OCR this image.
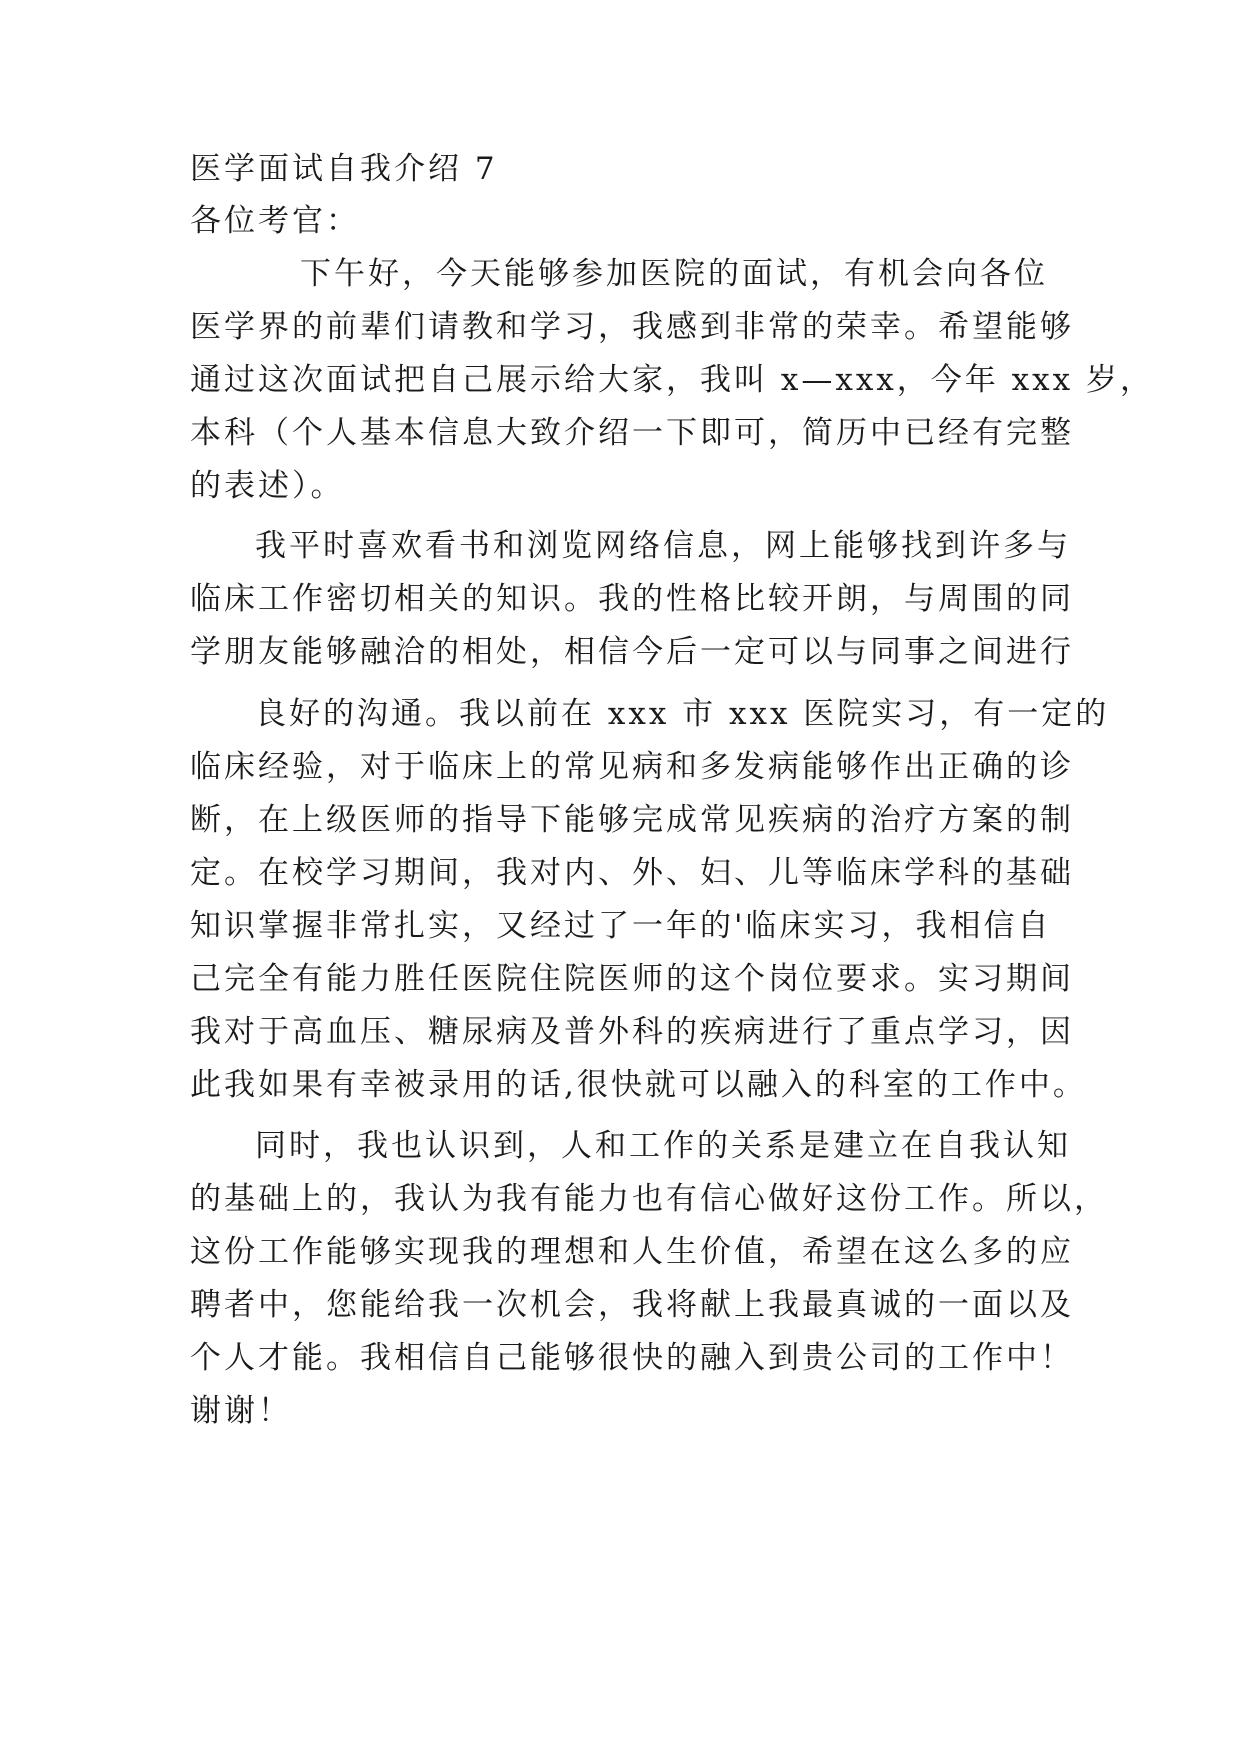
医学面试自我介绍 7
各位考官：
下午好，今天能够参加医院的面试，有机会向各位
医学界的前辈们请教和学习，我感到非常的荣幸。希望能够
通过这次面试把自己展示给大家，我叫 x—xxx，今年 xxx 岁，
本科（个人基本信息大致介绍一下即可，简历中已经有完整
的表述）。
我平时喜欢看书和浏览网络信息，网上能够找到许多与
临床工作密切相关的知识。我的性格比较开朗，与周围的同
学朋友能够融洽的相处，相信今后一定可以与同事之间进行
良好的沟通。我以前在 xxx 市 xxx 医院实习，有一定的
临床经验，对于临床上的常见病和多发病能够作出正确的诊
断，在上级医师的指导下能够完成常见疾病的治疗方案的制
定。在校学习期间，我对内、外、妇、儿等临床学科的基础
知识掌握非常扎实，又经过了一年的'临床实习，我相信自
己完全有能力胜任医院住院医师的这个岗位要求。实习期间
我对于高血压、糖尿病及普外科的疾病进行了重点学习，因
此我如果有幸被录用的话,很快就可以融入的科室的工作中。
同时，我也认识到，人和工作的关系是建立在自我认知
的基础上的，我认为我有能力也有信心做好这份工作。所以，
这份工作能够实现我的理想和人生价值，希望在这么多的应
聘者中，您能给我一次机会，我将献上我最真诚的一面以及
个人才能。我相信自己能够很快的融入到贵公司的工作中！
谢谢！
